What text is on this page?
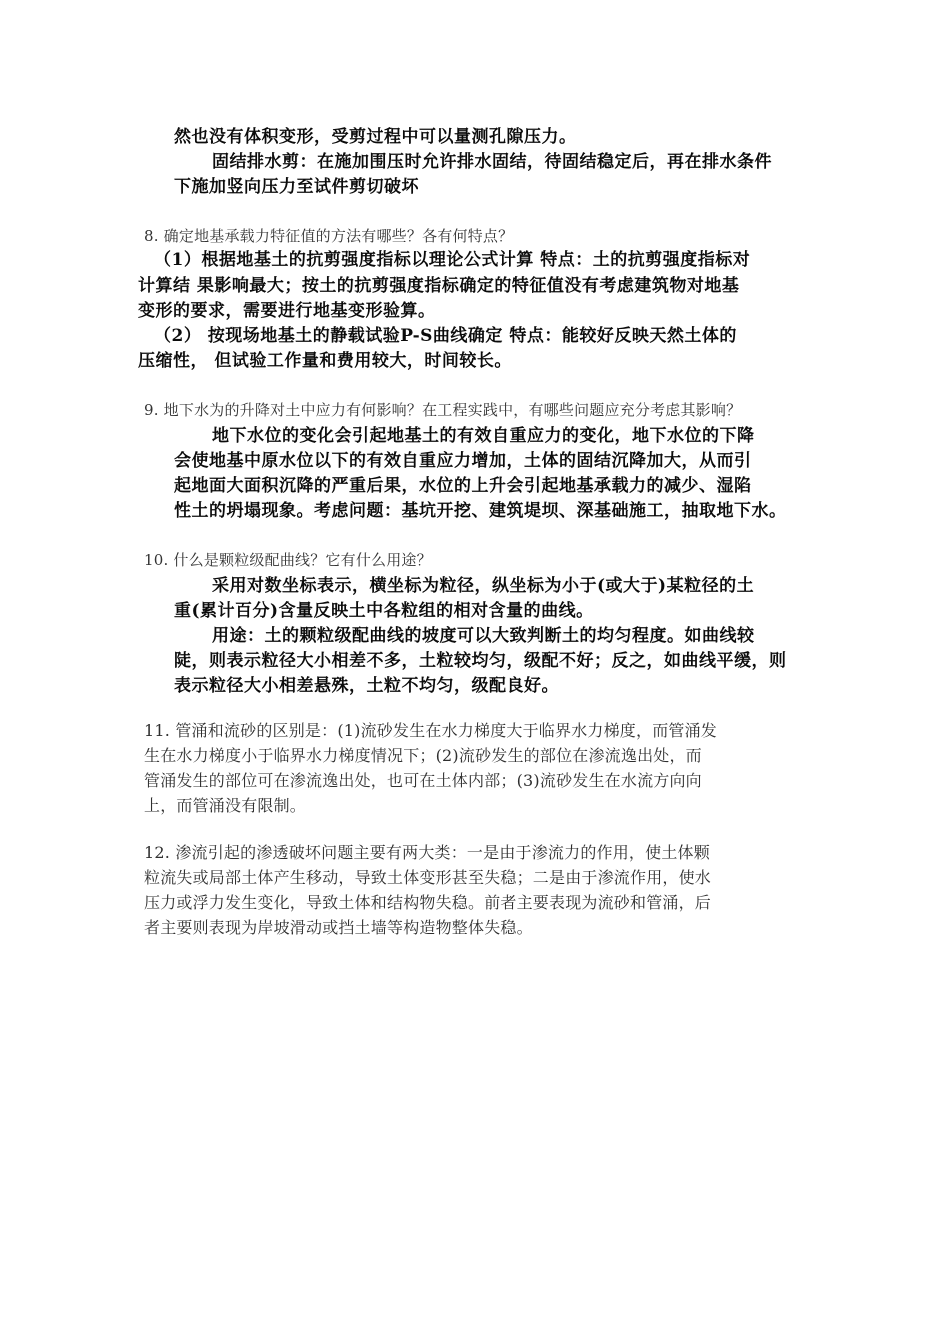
然也没有体积变形，受剪过程中可以量测孔隙压力。
固结排水剪：在施加围压时允许排水固结，待固结稳定后，再在排水条件
下施加竖向压力至试件剪切破坏
8. 确定地基承载力特征值的方法有哪些？各有何特点？
（1）根据地基土的抗剪强度指标以理论公式计算 特点：土的抗剪强度指标对
计算结 果影响最大；按土的抗剪强度指标确定的特征值没有考虑建筑物对地基
变形的要求，需要进行地基变形验算。
（2） 按现场地基土的静载试验P-S曲线确定 特点：能较好反映天然土体的
压缩性， 但试验工作量和费用较大，时间较长。
9. 地下水为的升降对土中应力有何影响？在工程实践中，有哪些问题应充分考虑其影响？
地下水位的变化会引起地基土的有效自重应力的变化，地下水位的下降
会使地基中原水位以下的有效自重应力增加，土体的固结沉降加大，从而引
起地面大面积沉降的严重后果，水位的上升会引起地基承载力的减少、湿陷
性土的坍塌现象。考虑问题：基坑开挖、建筑堤坝、深基础施工，抽取地下水。
10. 什么是颗粒级配曲线？它有什么用途？
采用对数坐标表示，横坐标为粒径，纵坐标为小于(或大于)某粒径的土
重(累计百分)含量反映土中各粒组的相对含量的曲线。
用途：土的颗粒级配曲线的坡度可以大致判断土的均匀程度。如曲线较
陡，则表示粒径大小相差不多，土粒较均匀，级配不好；反之，如曲线平缓，则
表示粒径大小相差悬殊，土粒不均匀，级配良好。
11. 管涌和流砂的区别是：(1)流砂发生在水力梯度大于临界水力梯度，而管涌发
生在水力梯度小于临界水力梯度情况下；(2)流砂发生的部位在渗流逸出处，而
管涌发生的部位可在渗流逸出处，也可在土体内部；(3)流砂发生在水流方向向
上，而管涌没有限制。
12. 渗流引起的渗透破坏问题主要有两大类：一是由于渗流力的作用，使土体颗
粒流失或局部土体产生移动，导致土体变形甚至失稳；二是由于渗流作用，使水
压力或浮力发生变化，导致土体和结构物失稳。前者主要表现为流砂和管涌，后
者主要则表现为岸坡滑动或挡土墙等构造物整体失稳。
